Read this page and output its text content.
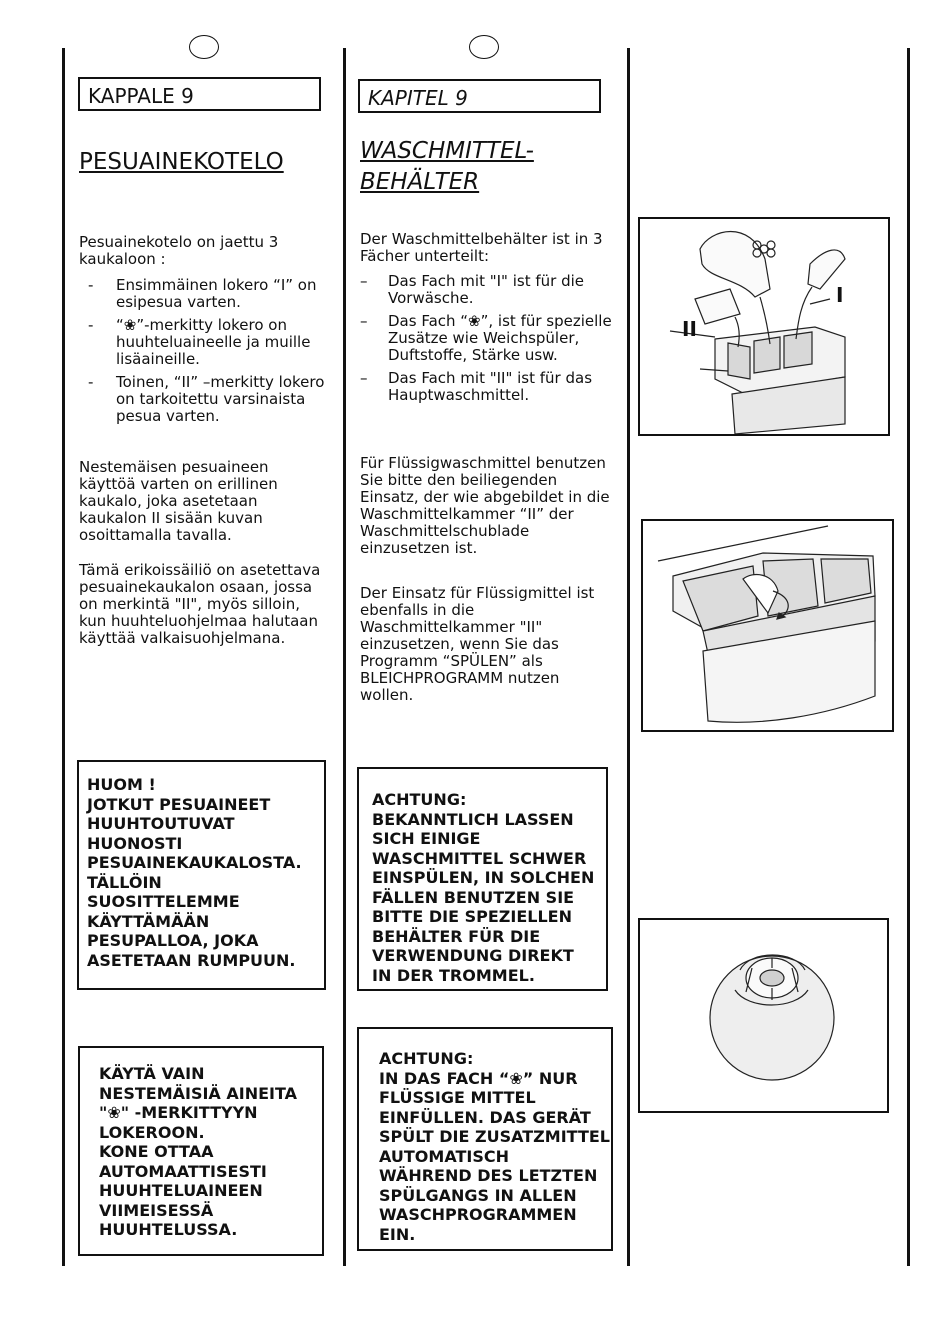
KAPPALE 9
PESUAINEKOTELO
Pesuainekotelo on jaettu 3 kaukaloon :
- Ensimmäinen lokero “I” on esipesua varten.
- “❀”-merkitty lokero on huuhteluaineelle ja muille lisäaineille.
- Toinen, “II” –merkitty lokero on tarkoitettu varsinaista pesua varten.
Nestemäisen pesuaineen käyttöä varten on erillinen kaukalo, joka asetetaan kaukalon II sisään kuvan osoittamalla tavalla.
Tämä erikoissäiliö on asetettava pesuainekaukalon osaan, jossa on merkintä "II", myös silloin, kun huuhteluohjelmaa halutaan käyttää valkaisuohjelmana.
HUOM !
JOTKUT PESUAINEET
HUUHTOUTUVAT
HUONOSTI
PESUAINEKAUKALOSTA.
TÄLLÖIN
SUOSITTELEMME
KÄYTTÄMÄÄN
PESUPALLOA, JOKA
ASETETAAN RUMPUUN.
KÄYTÄ VAIN
NESTEMÄISIÄ AINEITA
"❀" -MERKITTYYN
LOKEROON.
KONE OTTAA
AUTOMAATTISESTI
HUUHTELUAINEEN
VIIMEISESSÄ
HUUHTELUSSA.
KAPITEL 9
WASCHMITTEL-
BEHÄLTER
Der Waschmittelbehälter ist in 3 Fächer unterteilt:
– Das Fach mit "I" ist für die Vorwäsche.
– Das Fach “❀”, ist für spezielle Zusätze wie Weichspüler, Duftstoffe, Stärke usw.
– Das Fach mit "II" ist für das Hauptwaschmittel.
Für Flüssigwaschmittel benutzen Sie bitte den beiliegenden Einsatz, der wie abgebildet in die Waschmittelkammer “II” der Waschmittelschublade einzusetzen ist.
Der Einsatz für Flüssigmittel ist ebenfalls in die Waschmittelkammer "II" einzusetzen, wenn Sie das Programm “SPÜLEN” als BLEICHPROGRAMM nutzen wollen.
ACHTUNG:
BEKANNTLICH LASSEN
SICH EINIGE
WASCHMITTEL SCHWER
EINSPÜLEN, IN SOLCHEN
FÄLLEN BENUTZEN SIE
BITTE DIE SPEZIELLEN
BEHÄLTER FÜR DIE
VERWENDUNG DIREKT
IN DER TROMMEL.
ACHTUNG:
IN DAS FACH “❀” NUR
FLÜSSIGE MITTEL
EINFÜLLEN. DAS GERÄT
SPÜLT DIE ZUSATZMITTEL
AUTOMATISCH
WÄHREND DES LETZTEN
SPÜLGANGS IN ALLEN
WASCHPROGRAMMEN
EIN.
I
II
